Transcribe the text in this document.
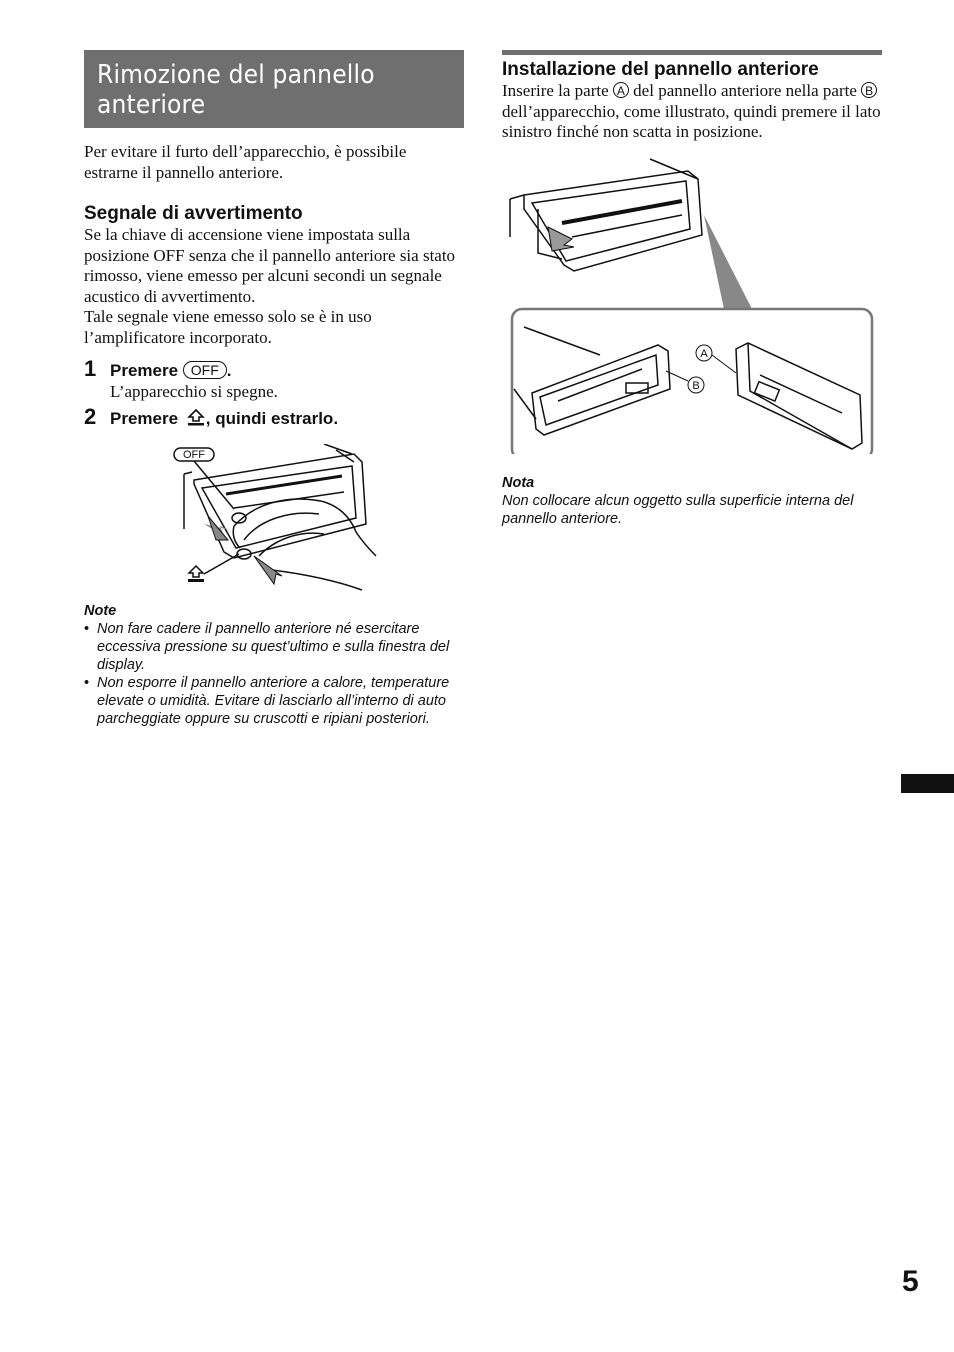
Rimozione del pannello
anteriore

Per evitare il furto dell’apparecchio, è possibile estrarne il pannello anteriore.

Segnale di avvertimento

Se la chiave di accensione viene impostata sulla posizione OFF senza che il pannello anteriore sia stato rimosso, viene emesso per alcuni secondi un segnale acustico di avvertimento.

Tale segnale viene emesso solo se è in uso l’amplificatore incorporato.

1 Premere OFF .
L’apparecchio si spegne.
2 Premere , quindi estrarlo.
OFF

Note

• Non fare cadere il pannello anteriore né esercitare eccessiva pressione su quest’ultimo e sulla finestra del display.
• Non esporre il pannello anteriore a calore, temperature elevate o umidità. Evitare di lasciarlo all’interno di auto parcheggiate oppure su cruscotti e ripiani posteriori.
Installazione del pannello anteriore

Inserire la parte A del pannello anteriore nella parte B dell’apparecchio, come illustrato, quindi premere il lato sinistro finché non scatta in posizione.

A
B

Nota

Non collocare alcun oggetto sulla superficie interna del pannello anteriore.

5
